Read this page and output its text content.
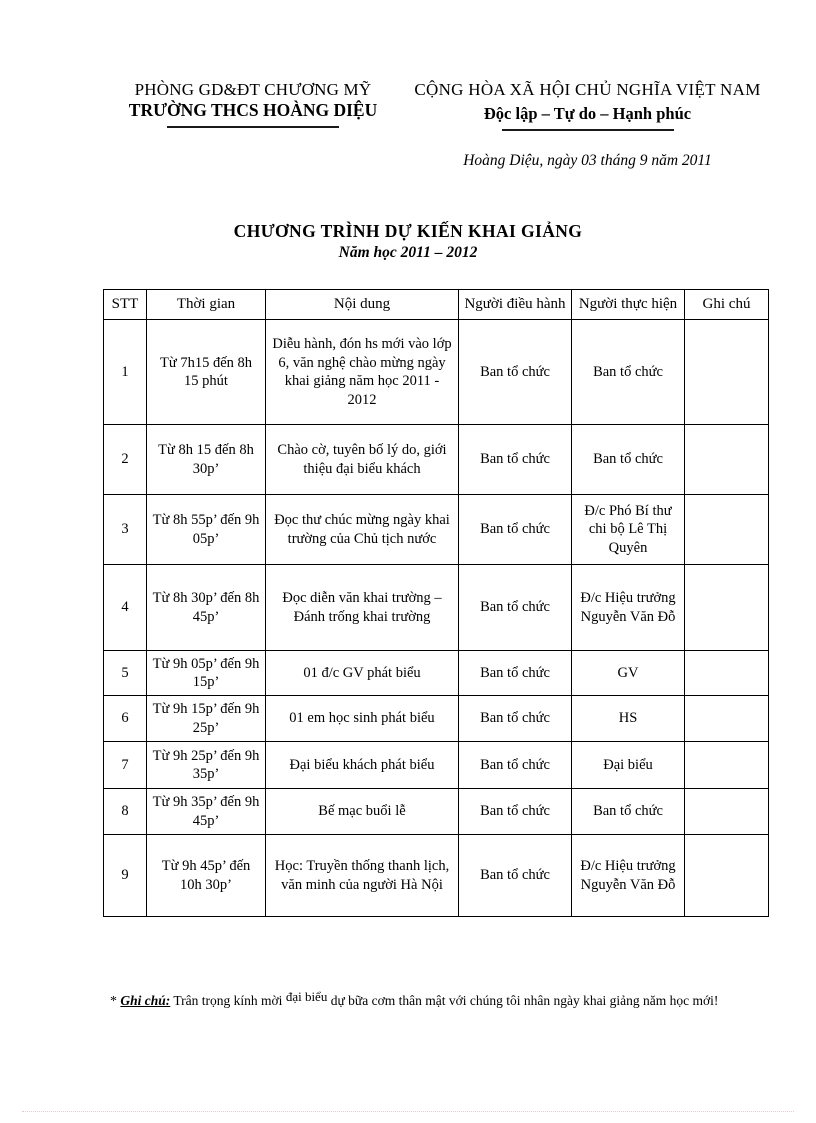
PHÒNG GD&ĐT CHƯƠNG MỸ
TRƯỜNG THCS HOÀNG DIỆU
CỘNG HÒA XÃ HỘI CHỦ NGHĨA VIỆT NAM
Độc lập – Tự do – Hạnh phúc
Hoàng Diệu, ngày 03 tháng 9 năm 2011
CHƯƠNG TRÌNH DỰ KIẾN KHAI GIẢNG
Năm học 2011 – 2012
STT	Thời gian	Nội dung	Người điều hành	Người thực hiện	Ghi chú
1	Từ 7h15 đến 8h 15 phút	Diễu hành, đón hs mới vào lớp 6, văn nghệ chào mừng ngày khai giảng năm học 2011 - 2012	Ban tổ chức	Ban tổ chức	
2	Từ 8h 15 đến 8h 30p’	Chào cờ, tuyên bố lý do, giới thiệu đại biểu khách	Ban tổ chức	Ban tổ chức	
3	Từ 8h 55p’ đến 9h 05p’	Đọc thư chúc mừng ngày khai trường của Chủ tịch nước	Ban tổ chức	Đ/c Phó Bí thư chi bộ Lê Thị Quyên	
4	Từ 8h 30p’ đến 8h 45p’	Đọc diễn văn khai trường – Đánh trống khai trường	Ban tổ chức	Đ/c Hiệu trưởng Nguyễn Văn Đỗ	
5	Từ 9h 05p’ đến 9h 15p’	01 đ/c GV phát biểu	Ban tổ chức	GV	
6	Từ 9h 15p’ đến 9h 25p’	01 em học sinh phát biểu	Ban tổ chức	HS	
7	Từ 9h 25p’ đến 9h 35p’	Đại biểu khách phát biểu	Ban tổ chức	Đại biểu	
8	Từ 9h 35p’ đến 9h 45p’	Bế mạc buổi lễ	Ban tổ chức	Ban tổ chức	
9	Từ 9h 45p’ đến 10h 30p’	Học: Truyền thống thanh lịch, văn minh của người Hà Nội	Ban tổ chức	Đ/c Hiệu trưởng Nguyễn Văn Đỗ	
* Ghi chú: Trân trọng kính mời đại biểu dự bữa cơm thân mật với chúng tôi nhân ngày khai giảng năm học mới!
